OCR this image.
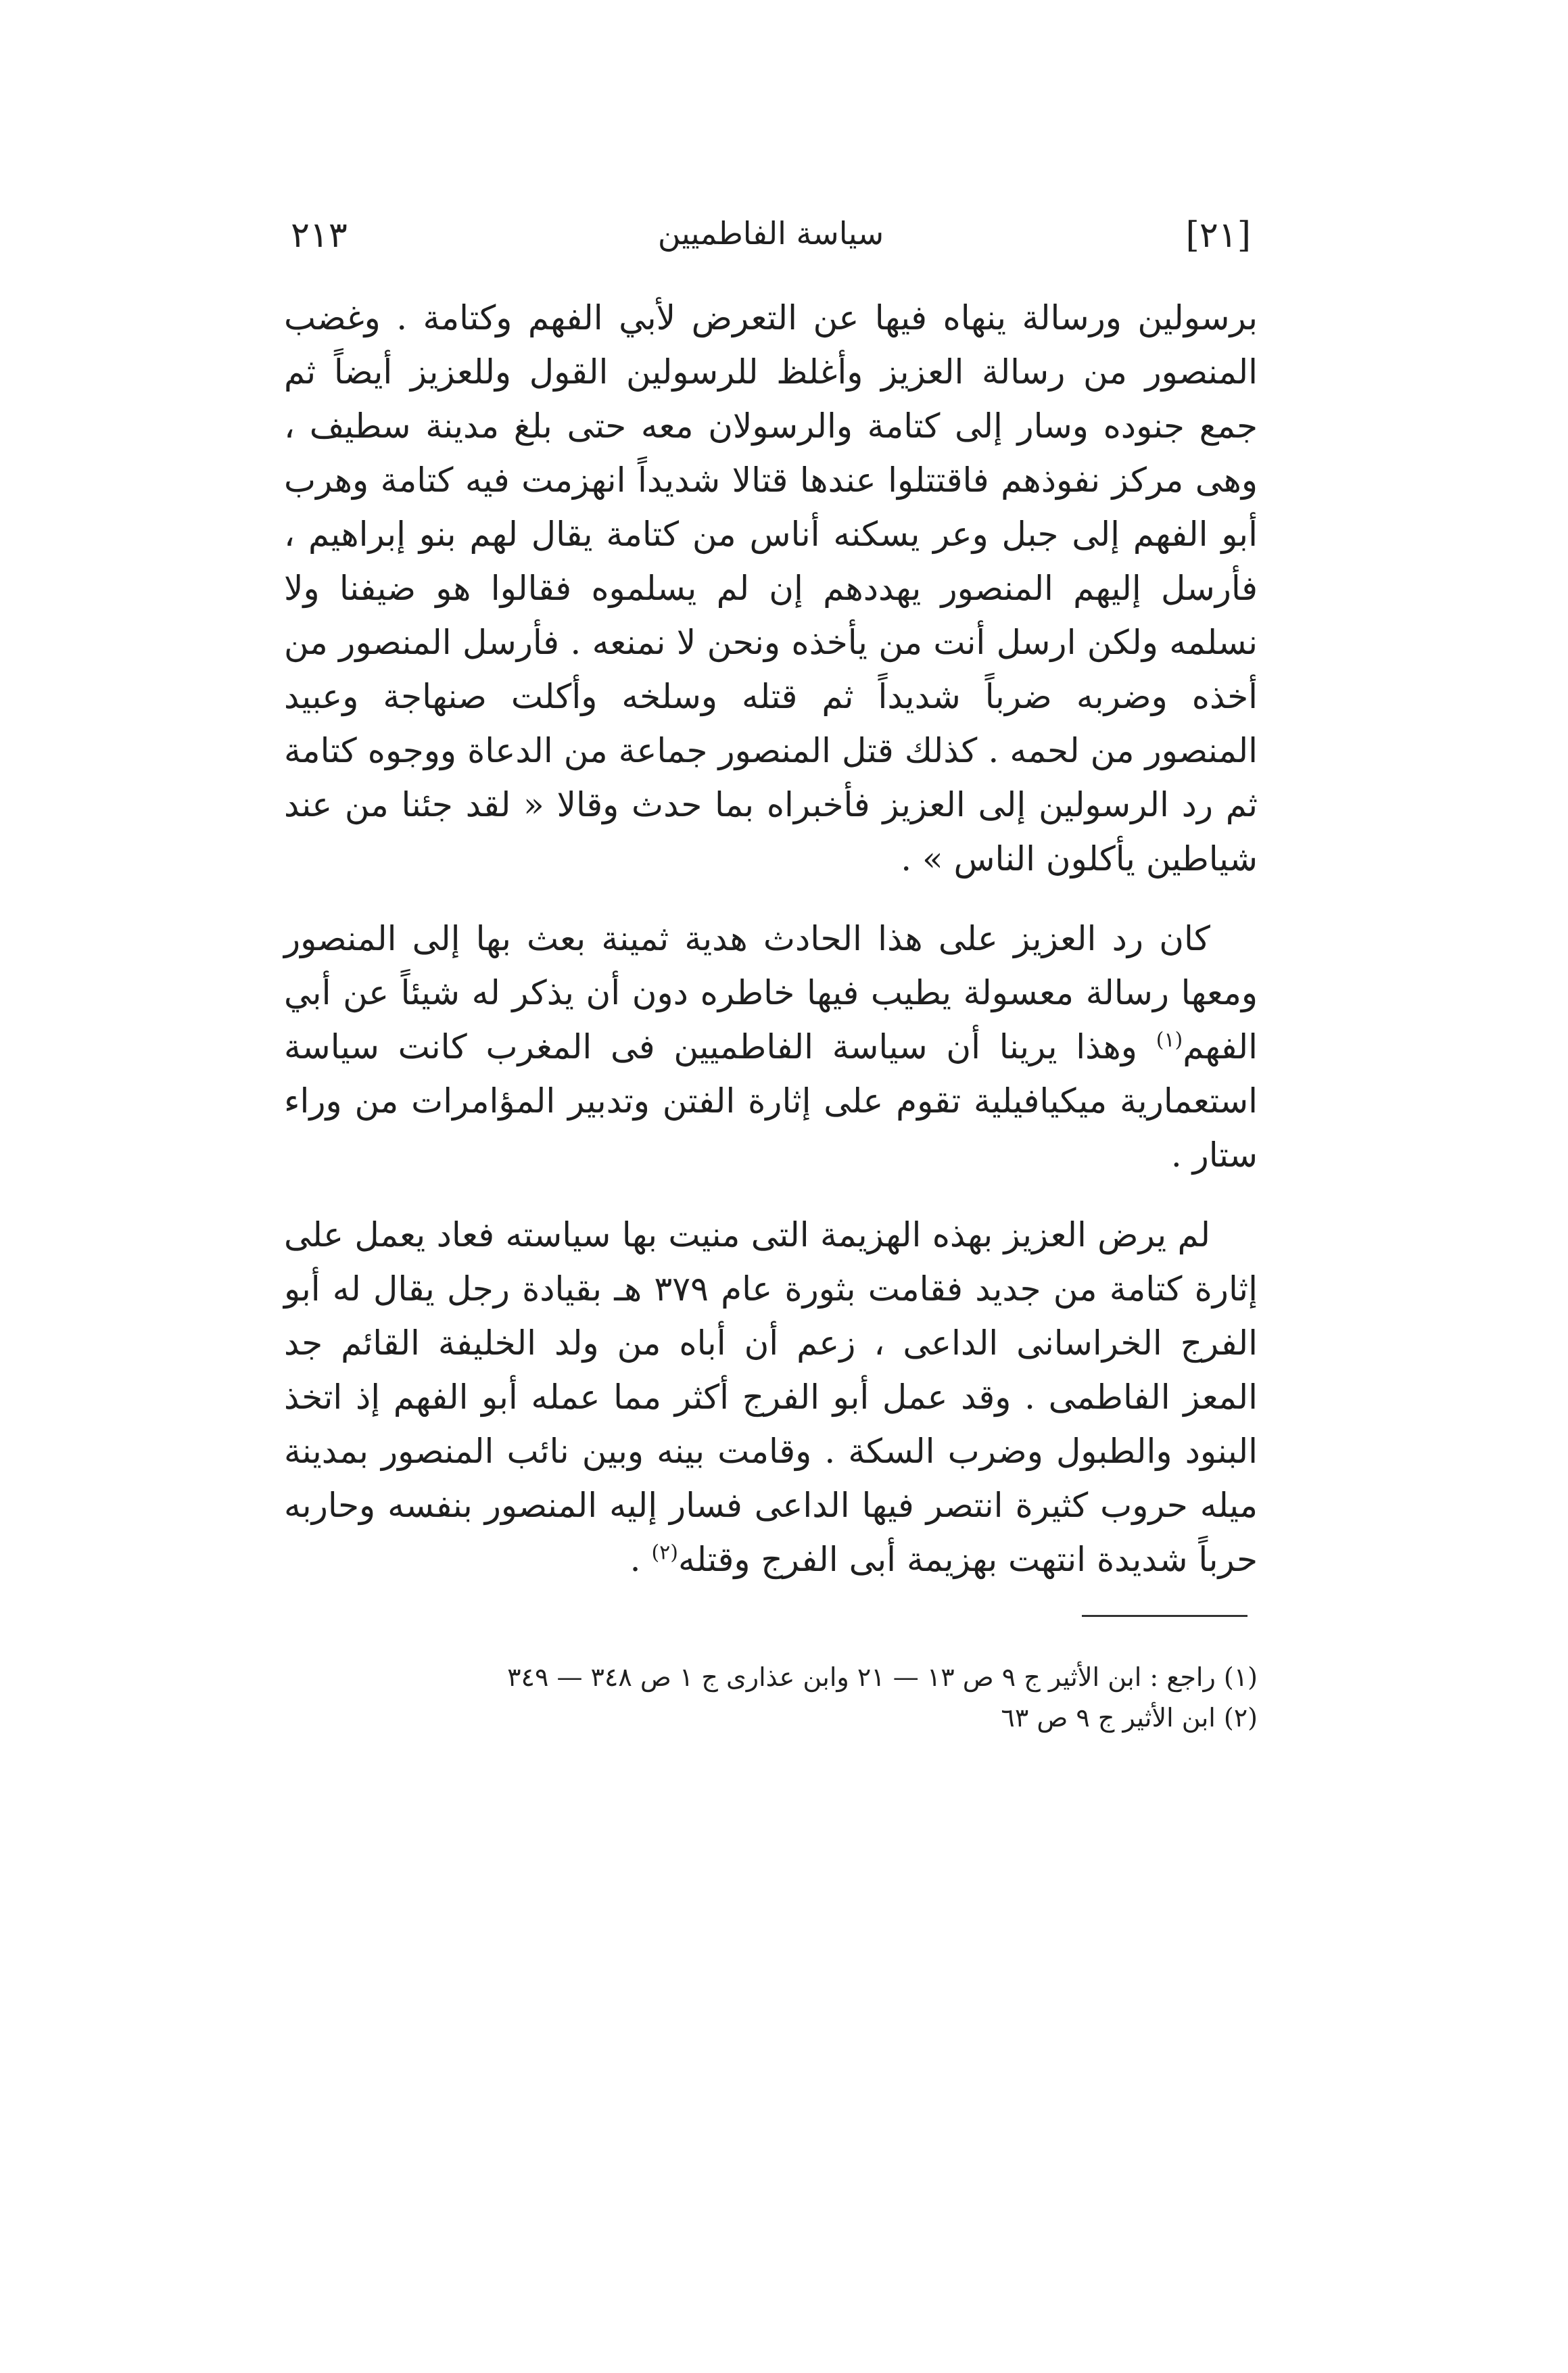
٢١٣	سياسة الفاطميين	[٢١]

برسولين ورسالة ينهاه فيها عن التعرض لأبي الفهم وكتامة . وغضب المنصور من رسالة العزيز وأغلظ للرسولين القول وللعزيز أيضاً ثم جمع جنوده وسار إلى كتامة والرسولان معه حتى بلغ مدينة سطيف ، وهى مركز نفوذهم فاقتتلوا عندها قتالا شديداً انهزمت فيه كتامة وهرب أبو الفهم إلى جبل وعر يسكنه أناس من كتامة يقال لهم بنو إبراهيم ، فأرسل إليهم المنصور يهددهم إن لم يسلموه فقالوا هو ضيفنا ولا نسلمه ولكن ارسل أنت من يأخذه ونحن لا نمنعه . فأرسل المنصور من أخذه وضربه ضرباً شديداً ثم قتله وسلخه وأكلت صنهاجة وعبيد المنصور من لحمه . كذلك قتل المنصور جماعة من الدعاة ووجوه كتامة ثم رد الرسولين إلى العزيز فأخبراه بما حدث وقالا « لقد جئنا من عند شياطين يأكلون الناس » .

كان رد العزيز على هذا الحادث هدية ثمينة بعث بها إلى المنصور ومعها رسالة معسولة يطيب فيها خاطره دون أن يذكر له شيئاً عن أبي الفهم$^{(١)}$ وهذا يرينا أن سياسة الفاطميين فى المغرب كانت سياسة استعمارية ميكيافيلية تقوم على إثارة الفتن وتدبير المؤامرات من وراء ستار .

لم يرض العزيز بهذه الهزيمة التى منيت بها سياسته فعاد يعمل على إثارة كتامة من جديد فقامت بثورة عام ٣٧٩ هـ بقيادة رجل يقال له أبو الفرج الخراسانى الداعى ، زعم أن أباه من ولد الخليفة القائم جد المعز الفاطمى . وقد عمل أبو الفرج أكثر مما عمله أبو الفهم إذ اتخذ البنود والطبول وضرب السكة . وقامت بينه وبين نائب المنصور بمدينة ميله حروب كثيرة انتصر فيها الداعى فسار إليه المنصور بنفسه وحاربه حرباً شديدة انتهت بهزيمة أبى الفرج وقتله$^{(٢)}$ .

(١) راجع : ابن الأثير ج ٩ ص ١٣ — ٢١ وابن عذارى ج ١ ص ٣٤٨ — ٣٤٩

(٢) ابن الأثير ج ٩ ص ٦٣
